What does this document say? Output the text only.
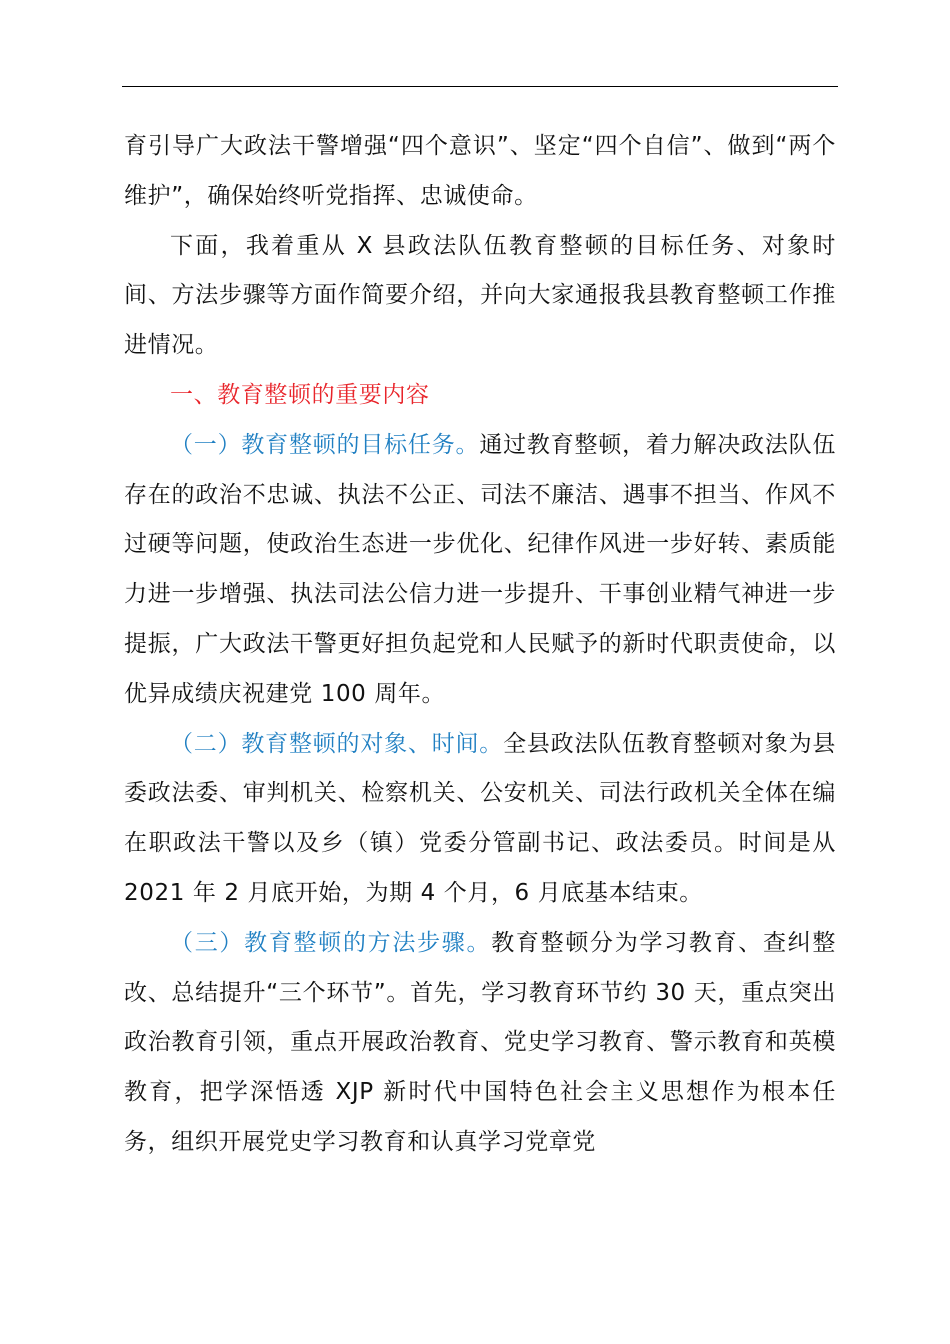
育引导广大政法干警增强“四个意识”、坚定“四个自信”、做到“两个维护”，确保始终听党指挥、忠诚使命。

下面，我着重从 X 县政法队伍教育整顿的目标任务、对象时间、方法步骤等方面作简要介绍，并向大家通报我县教育整顿工作推进情况。

一、教育整顿的重要内容

（一）教育整顿的目标任务。通过教育整顿，着力解决政法队伍存在的政治不忠诚、执法不公正、司法不廉洁、遇事不担当、作风不过硬等问题，使政治生态进一步优化、纪律作风进一步好转、素质能力进一步增强、执法司法公信力进一步提升、干事创业精气神进一步提振，广大政法干警更好担负起党和人民赋予的新时代职责使命，以优异成绩庆祝建党 100 周年。

（二）教育整顿的对象、时间。全县政法队伍教育整顿对象为县委政法委、审判机关、检察机关、公安机关、司法行政机关全体在编在职政法干警以及乡（镇）党委分管副书记、政法委员。时间是从 2021 年 2 月底开始，为期 4 个月，6 月底基本结束。

（三）教育整顿的方法步骤。教育整顿分为学习教育、查纠整改、总结提升“三个环节”。首先，学习教育环节约 30 天，重点突出政治教育引领，重点开展政治教育、党史学习教育、警示教育和英模教育，把学深悟透 XJP 新时代中国特色社会主义思想作为根本任务，组织开展党史学习教育和认真学习党章党
